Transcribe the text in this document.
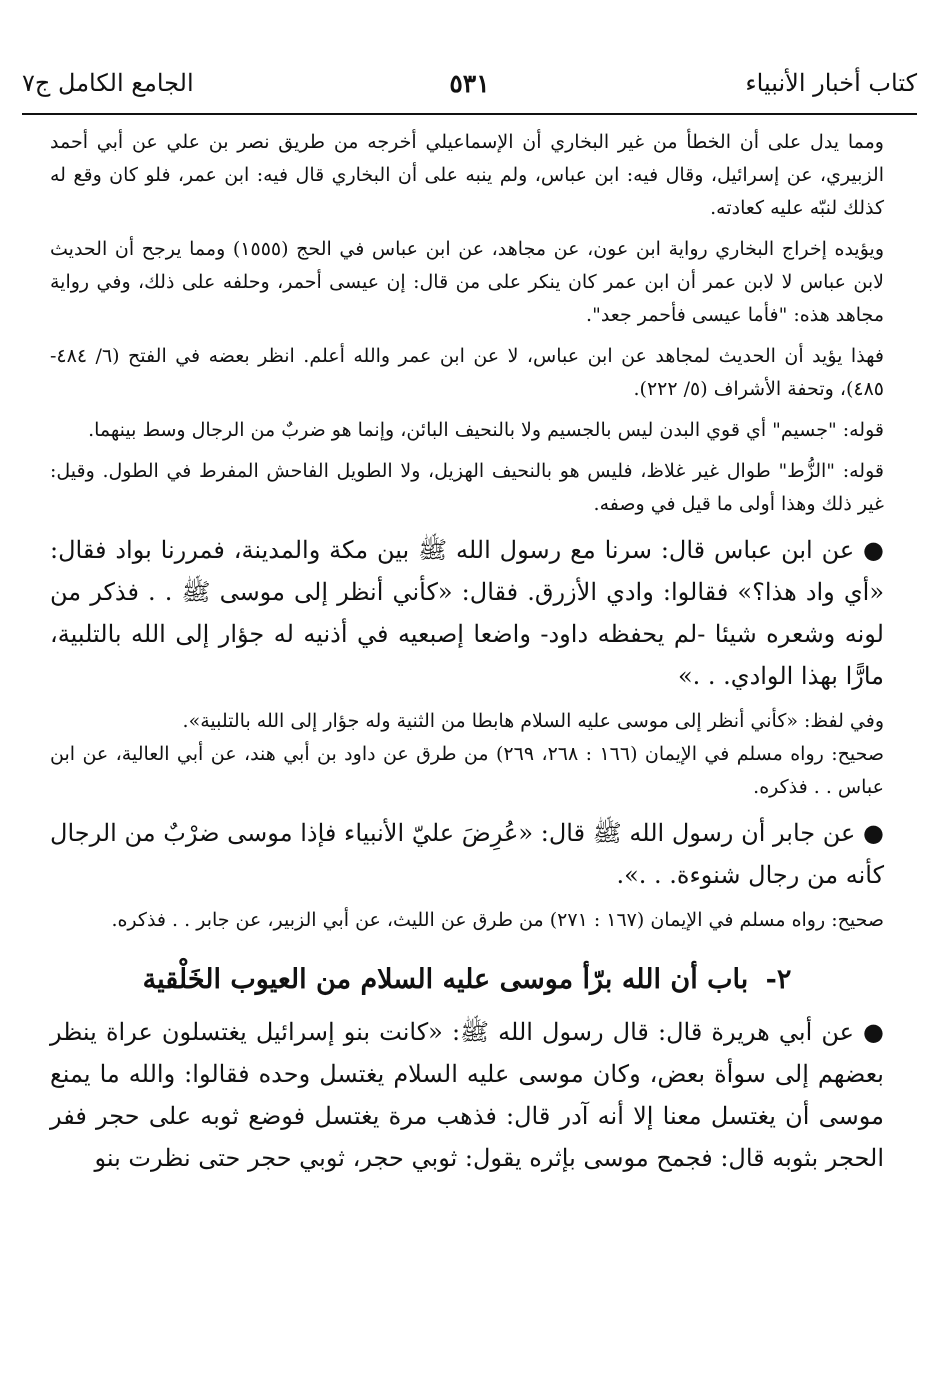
كتاب أخبار الأنبياء
٥٣١
الجامع الكامل ج٧

ومما يدل على أن الخطأ من غير البخاري أن الإسماعيلي أخرجه من طريق نصر بن علي عن أبي أحمد الزبيري، عن إسرائيل، وقال فيه: ابن عباس، ولم ينبه على أن البخاري قال فيه: ابن عمر، فلو كان وقع له كذلك لنبّه عليه كعادته.

ويؤيده إخراج البخاري رواية ابن عون، عن مجاهد، عن ابن عباس في الحج (١٥٥٥) ومما يرجح أن الحديث لابن عباس لا لابن عمر أن ابن عمر كان ينكر على من قال: إن عيسى أحمر، وحلفه على ذلك، وفي رواية مجاهد هذه: "فأما عيسى فأحمر جعد".

فهذا يؤيد أن الحديث لمجاهد عن ابن عباس، لا عن ابن عمر والله أعلم. انظر بعضه في الفتح (٦/ ٤٨٤- ٤٨٥)، وتحفة الأشراف (٥/ ٢٢٢).

قوله: "جسيم" أي قوي البدن ليس بالجسيم ولا بالنحيف البائن، وإنما هو ضربٌ من الرجال وسط بينهما.

قوله: "الزُّط" طوال غير غلاظ، فليس هو بالنحيف الهزيل، ولا الطويل الفاحش المفرط في الطول. وقيل: غير ذلك وهذا أولى ما قيل في وصفه.

● عن ابن عباس قال: سرنا مع رسول الله ﷺ بين مكة والمدينة، فمررنا بواد فقال: «أي واد هذا؟» فقالوا: وادي الأزرق. فقال: «كأني أنظر إلى موسى ﷺ . . فذكر من لونه وشعره شيئا -لم يحفظه داود- واضعا إصبعيه في أذنيه له جؤار إلى الله بالتلبية، مارًّا بهذا الوادي. . .»

وفي لفظ: «كأني أنظر إلى موسى عليه السلام هابطا من الثنية وله جؤار إلى الله بالتلبية».

صحيح: رواه مسلم في الإيمان (١٦٦ : ٢٦٨، ٢٦٩) من طرق عن داود بن أبي هند، عن أبي العالية، عن ابن عباس . . فذكره.

● عن جابر أن رسول الله ﷺ قال: «عُرِضَ عليّ الأنبياء فإذا موسى ضرْبٌ من الرجال كأنه من رجال شنوءة. . .».

صحيح: رواه مسلم في الإيمان (١٦٧ : ٢٧١) من طرق عن الليث، عن أبي الزبير، عن جابر . . فذكره.

٢- باب أن الله برّأ موسى عليه السلام من العيوب الخَلْقية

● عن أبي هريرة قال: قال رسول الله ﷺ: «كانت بنو إسرائيل يغتسلون عراة ينظر بعضهم إلى سوأة بعض، وكان موسى عليه السلام يغتسل وحده فقالوا: والله ما يمنع موسى أن يغتسل معنا إلا أنه آدر قال: فذهب مرة يغتسل فوضع ثوبه على حجر ففر الحجر بثوبه قال: فجمح موسى بإثره يقول: ثوبي حجر، ثوبي حجر حتى نظرت بنو
